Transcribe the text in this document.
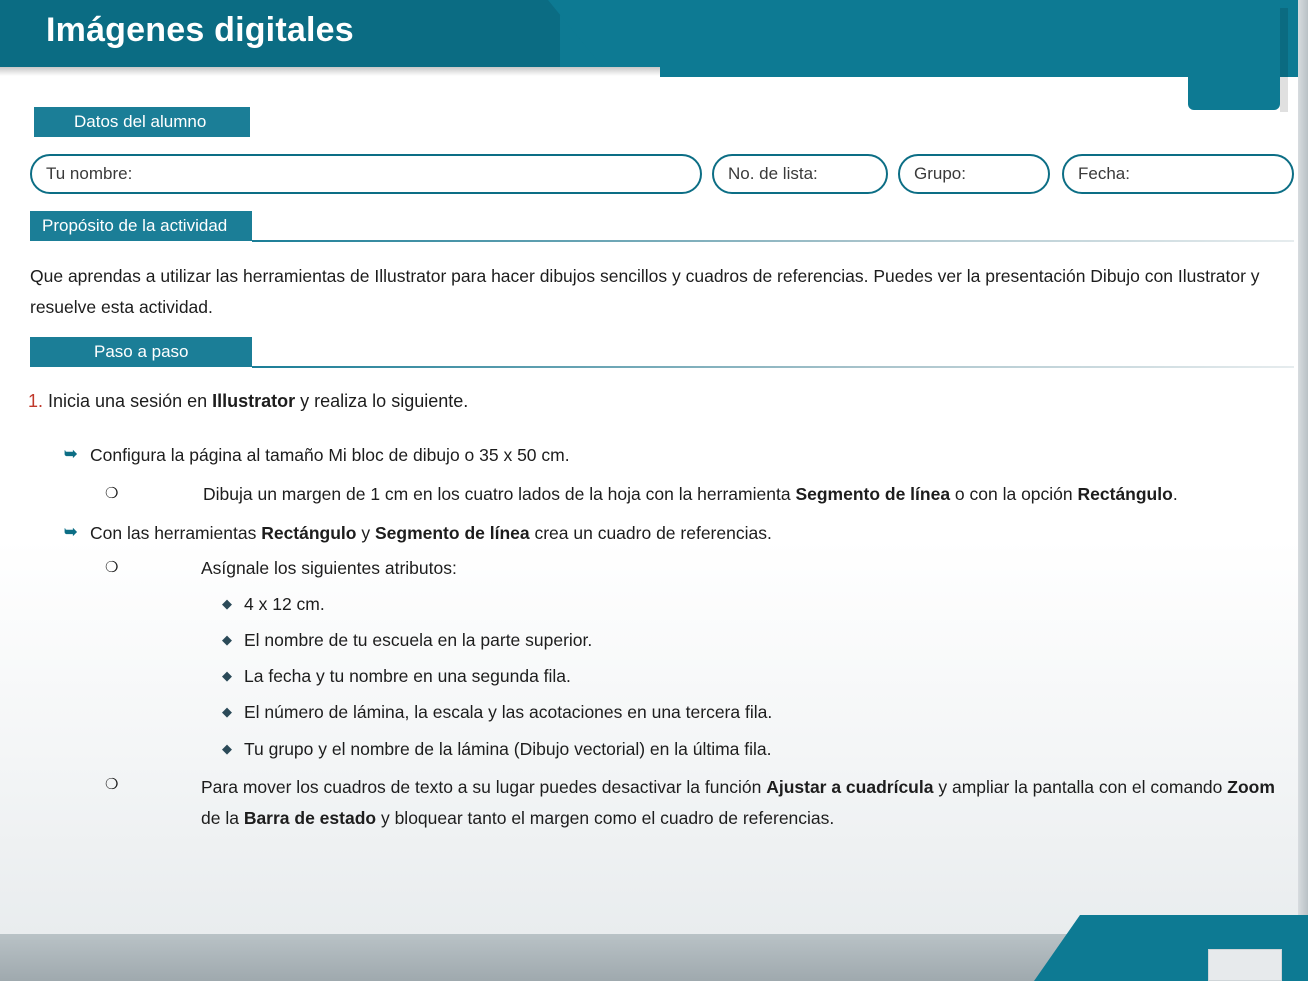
Imágenes digitales
Datos del alumno
Tu nombre:	No. de lista:	Grupo:	Fecha:
Propósito de la actividad
Que aprendas a utilizar las herramientas de Illustrator para hacer dibujos sencillos y cuadros de referencias. Puedes ver la presentación Dibujo con Ilustrator y resuelve esta actividad.
Paso a paso
1. Inicia una sesión en Illustrator y realiza lo siguiente.
➥ Configura la página al tamaño Mi bloc de dibujo o 35 x 50 cm.
❍	Dibuja un margen de 1 cm en los cuatro lados de la hoja con la herramienta Segmento de línea o con la opción Rectángulo.
➥ Con las herramientas Rectángulo y Segmento de línea crea un cuadro de referencias.
❍	Asígnale los siguientes atributos:
◆ 4 x 12 cm.
◆ El nombre de tu escuela en la parte superior.
◆ La fecha y tu nombre en una segunda fila.
◆ El número de lámina, la escala y las acotaciones en una tercera fila.
◆ Tu grupo y el nombre de la lámina (Dibujo vectorial) en la última fila.
❍	Para mover los cuadros de texto a su lugar puedes desactivar la función Ajustar a cuadrícula y ampliar la pantalla con el comando Zoom de la Barra de estado y bloquear tanto el margen como el cuadro de referencias.
